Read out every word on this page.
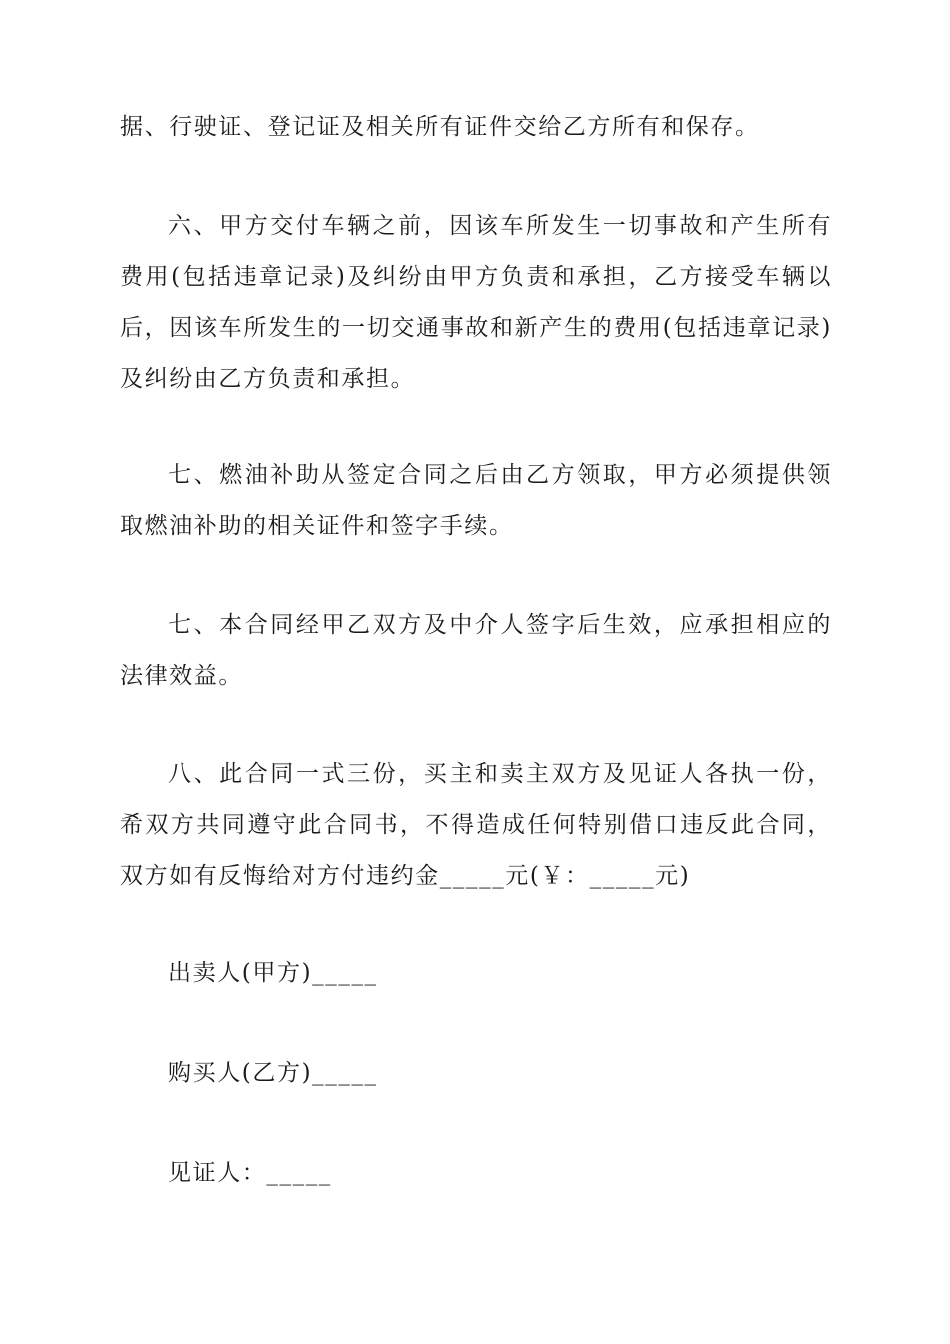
据、行驶证、登记证及相关所有证件交给乙方所有和保存。

六、甲方交付车辆之前，因该车所发生一切事故和产生所有费用(包括违章记录)及纠纷由甲方负责和承担，乙方接受车辆以后，因该车所发生的一切交通事故和新产生的费用(包括违章记录)及纠纷由乙方负责和承担。

七、燃油补助从签定合同之后由乙方领取，甲方必须提供领取燃油补助的相关证件和签字手续。

七、本合同经甲乙双方及中介人签字后生效，应承担相应的法律效益。

八、此合同一式三份，买主和卖主双方及见证人各执一份，希双方共同遵守此合同书，不得造成任何特别借口违反此合同，双方如有反悔给对方付违约金_____元(￥：_____元)

出卖人(甲方)_____

购买人(乙方)_____

见证人：_____
